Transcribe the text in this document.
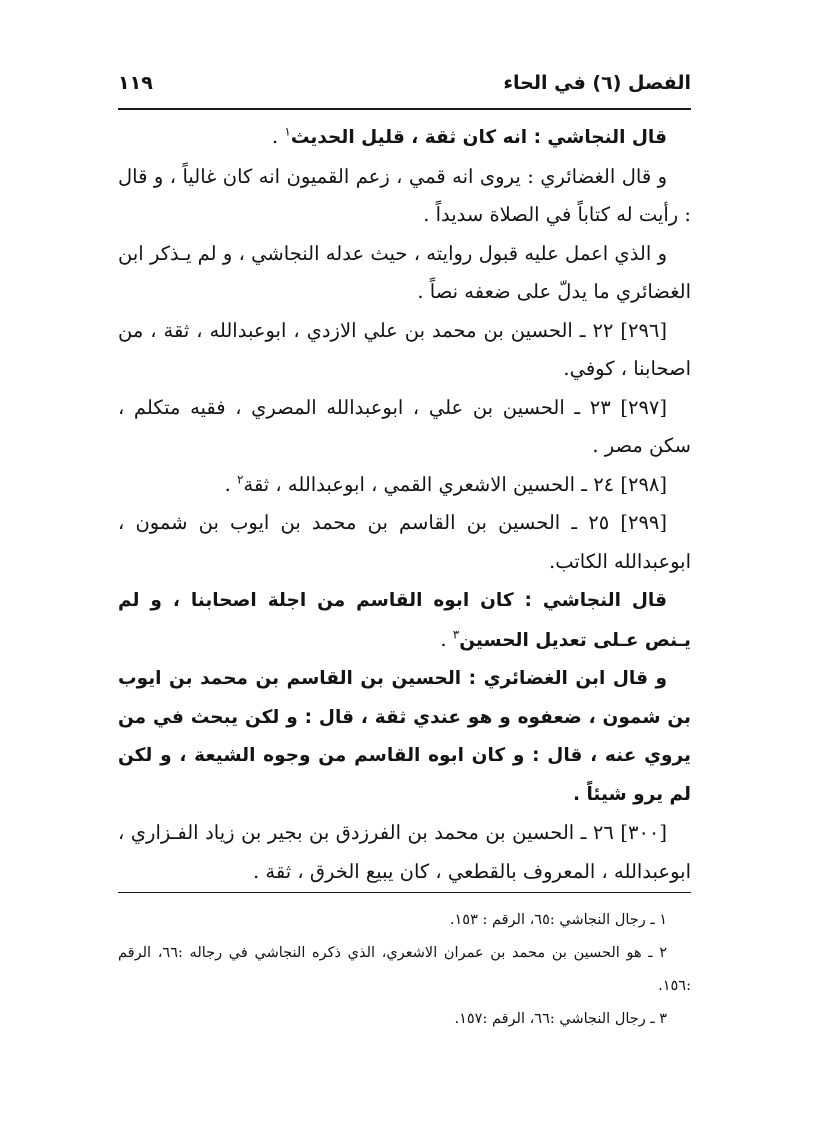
الفصل (٦) في الحاء
١١٩

قال النجاشي : انه كان ثقة ، قليل الحديث$^١$ .

و قال الغضائري : يروى انه قمي ، زعم القميون انه كان غالياً ، و قال : رأيت له كتاباً في الصلاة سديداً .

و الذي اعمل عليه قبول روايته ، حيث عدله النجاشي ، و لم يـذكر ابن الغضائري ما يدلّ على ضعفه نصاً .

[٢٩٦] ٢٢ ـ الحسين بن محمد بن علي الازدي ، ابوعبدالله ، ثقة ، من اصحابنا ، كوفي.

[٢٩٧] ٢٣ ـ الحسين بن علي ، ابوعبدالله المصري ، فقيه متكلم ، سكن مصر .

[٢٩٨] ٢٤ ـ الحسين الاشعري القمي ، ابوعبدالله ، ثقة$^٢$ .

[٢٩٩] ٢٥ ـ الحسين بن القاسم بن محمد بن ايوب بن شمون ، ابوعبدالله الكاتب.

قال النجاشي : كان ابوه القاسم من اجلة اصحابنا ، و لم يـنص عـلى تعديل الحسين$^٣$ .

و قال ابن الغضائري : الحسين بن القاسم بن محمد بن ايوب بن شمون ، ضعفوه و هو عندي ثقة ، قال : و لكن يبحث في من يروي عنه ، قال : و كان ابوه القاسم من وجوه الشيعة ، و لكن لم يرو شيئاً .

[٣٠٠] ٢٦ ـ الحسين بن محمد بن الفرزدق بن بجير بن زياد الفـزاري ، ابوعبدالله ، المعروف بالقطعي ، كان يبيع الخرق ، ثقة .

١ ـ رجال النجاشي :٦٥، الرقم : ١٥٣.

٢ ـ هو الحسين بن محمد بن عمران الاشعري، الذي ذكره النجاشي في رجاله :٦٦، الرقم :١٥٦.

٣ ـ رجال النجاشي :٦٦، الرقم :١٥٧.
